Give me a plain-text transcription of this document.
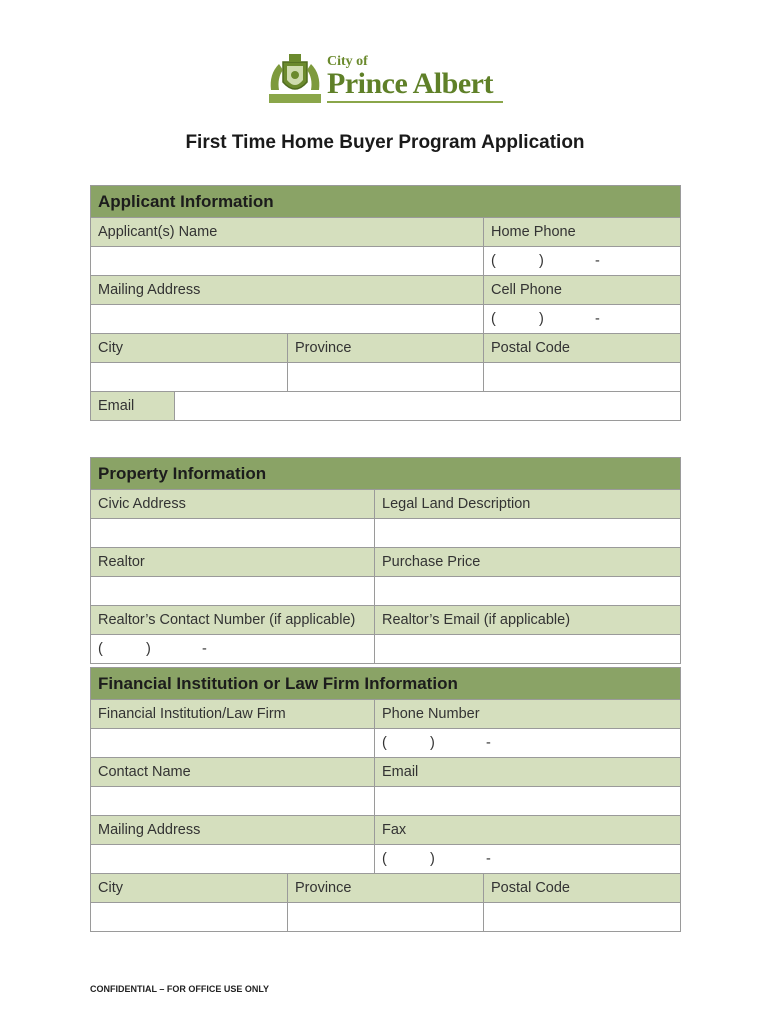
City of
Prince Albert
First Time Home Buyer Program Application
Applicant Information			
Applicant(s) Name			Home Phone
			( ) -
Mailing Address			Cell Phone
			( ) -
City		Province	Postal Code

Email			
Property Information	
Civic Address	Legal Land Description

Realtor	Purchase Price

Realtor’s Contact Number (if applicable)	Realtor’s Email (if applicable)
( ) -	
Financial Institution or Law Firm Information			
Financial Institution/Law Firm		Phone Number	
		( ) -	
Contact Name		Email	

Mailing Address		Fax	
		( ) -	
City	Province		Postal Code

CONFIDENTIAL – FOR OFFICE USE ONLY
